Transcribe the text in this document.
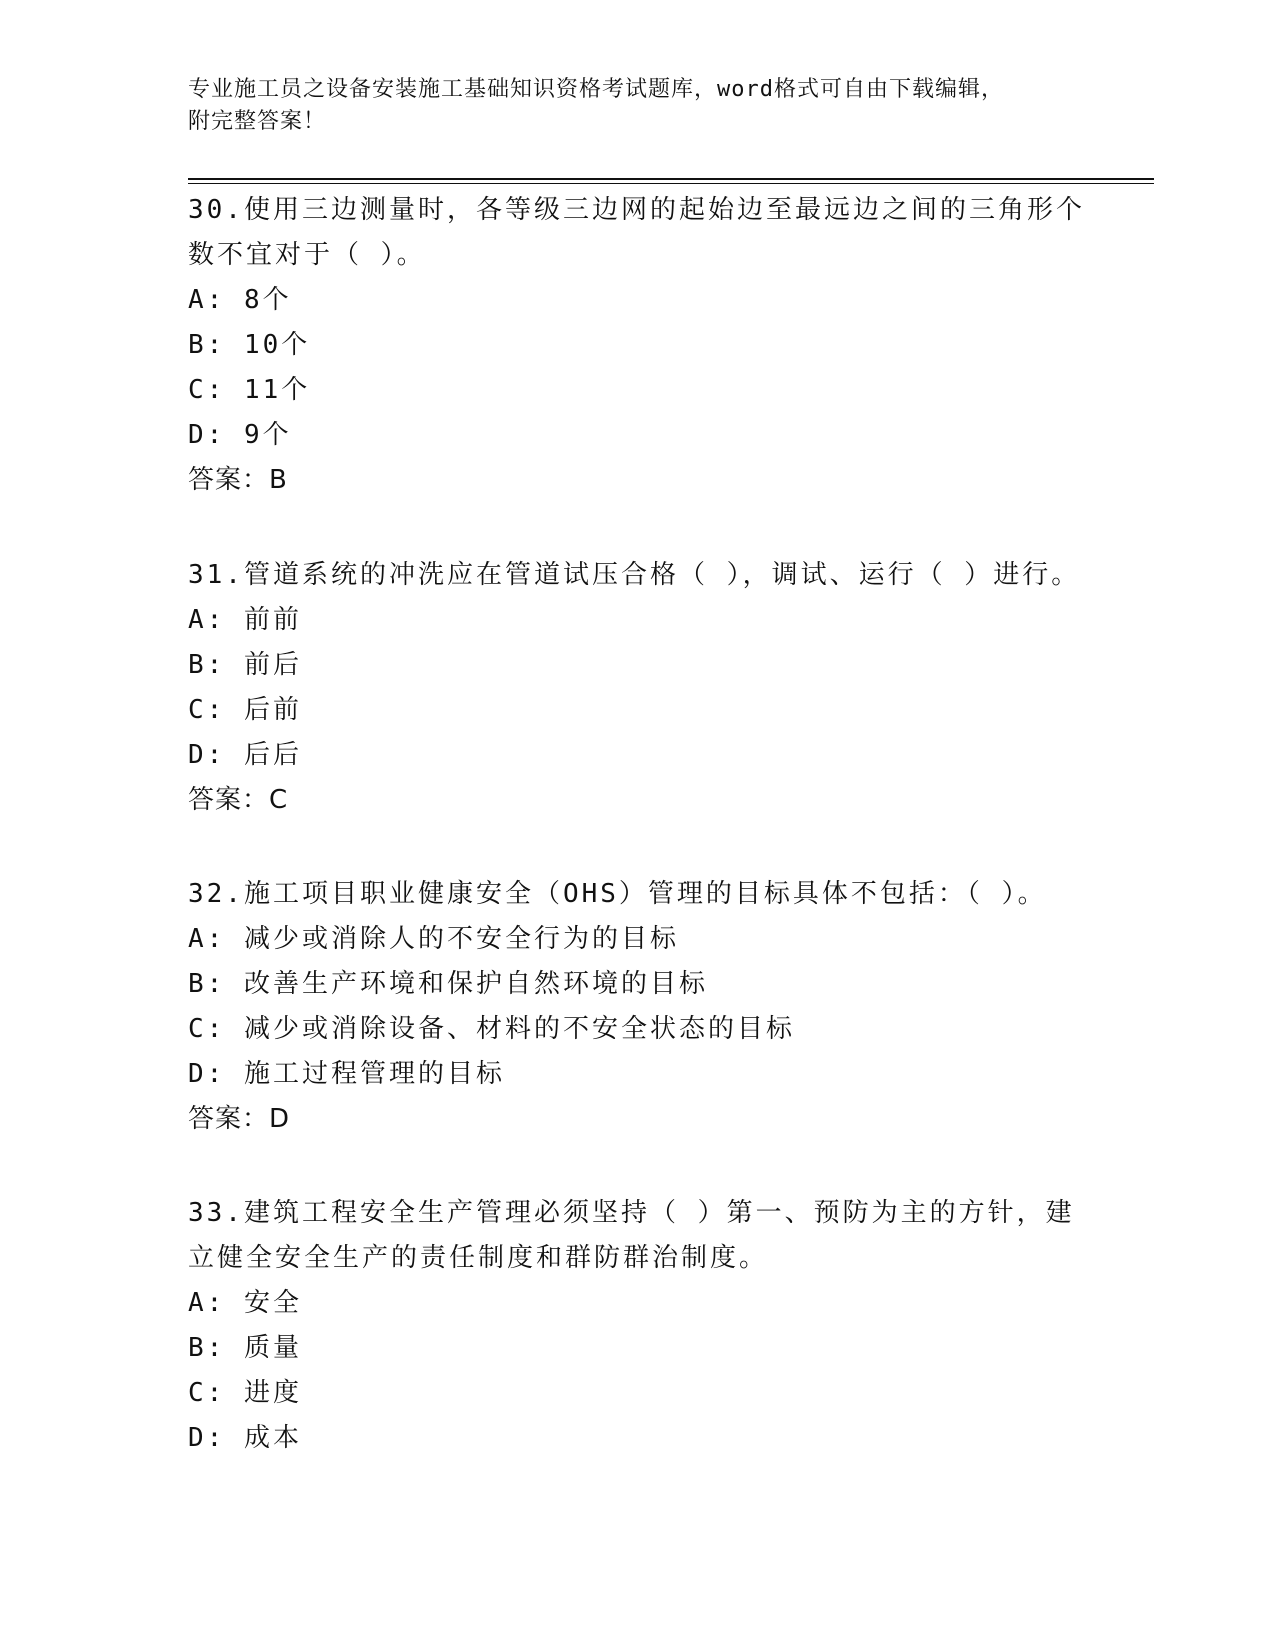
专业施工员之设备安装施工基础知识资格考试题库，word格式可自由下载编辑，
附完整答案！

30.使用三边测量时，各等级三边网的起始边至最远边之间的三角形个

数不宜对于（ ）。

A: 8个

B: 10个

C: 11个

D: 9个

答案：B

31.管道系统的冲洗应在管道试压合格（ ），调试、运行（ ）进行。

A: 前前

B: 前后

C: 后前

D: 后后

答案：C

32.施工项目职业健康安全（OHS）管理的目标具体不包括：（ ）。

A: 减少或消除人的不安全行为的目标

B: 改善生产环境和保护自然环境的目标

C: 减少或消除设备、材料的不安全状态的目标

D: 施工过程管理的目标

答案：D

33.建筑工程安全生产管理必须坚持（ ）第一、预防为主的方针，建

立健全安全生产的责任制度和群防群治制度。

A: 安全

B: 质量

C: 进度

D: 成本
